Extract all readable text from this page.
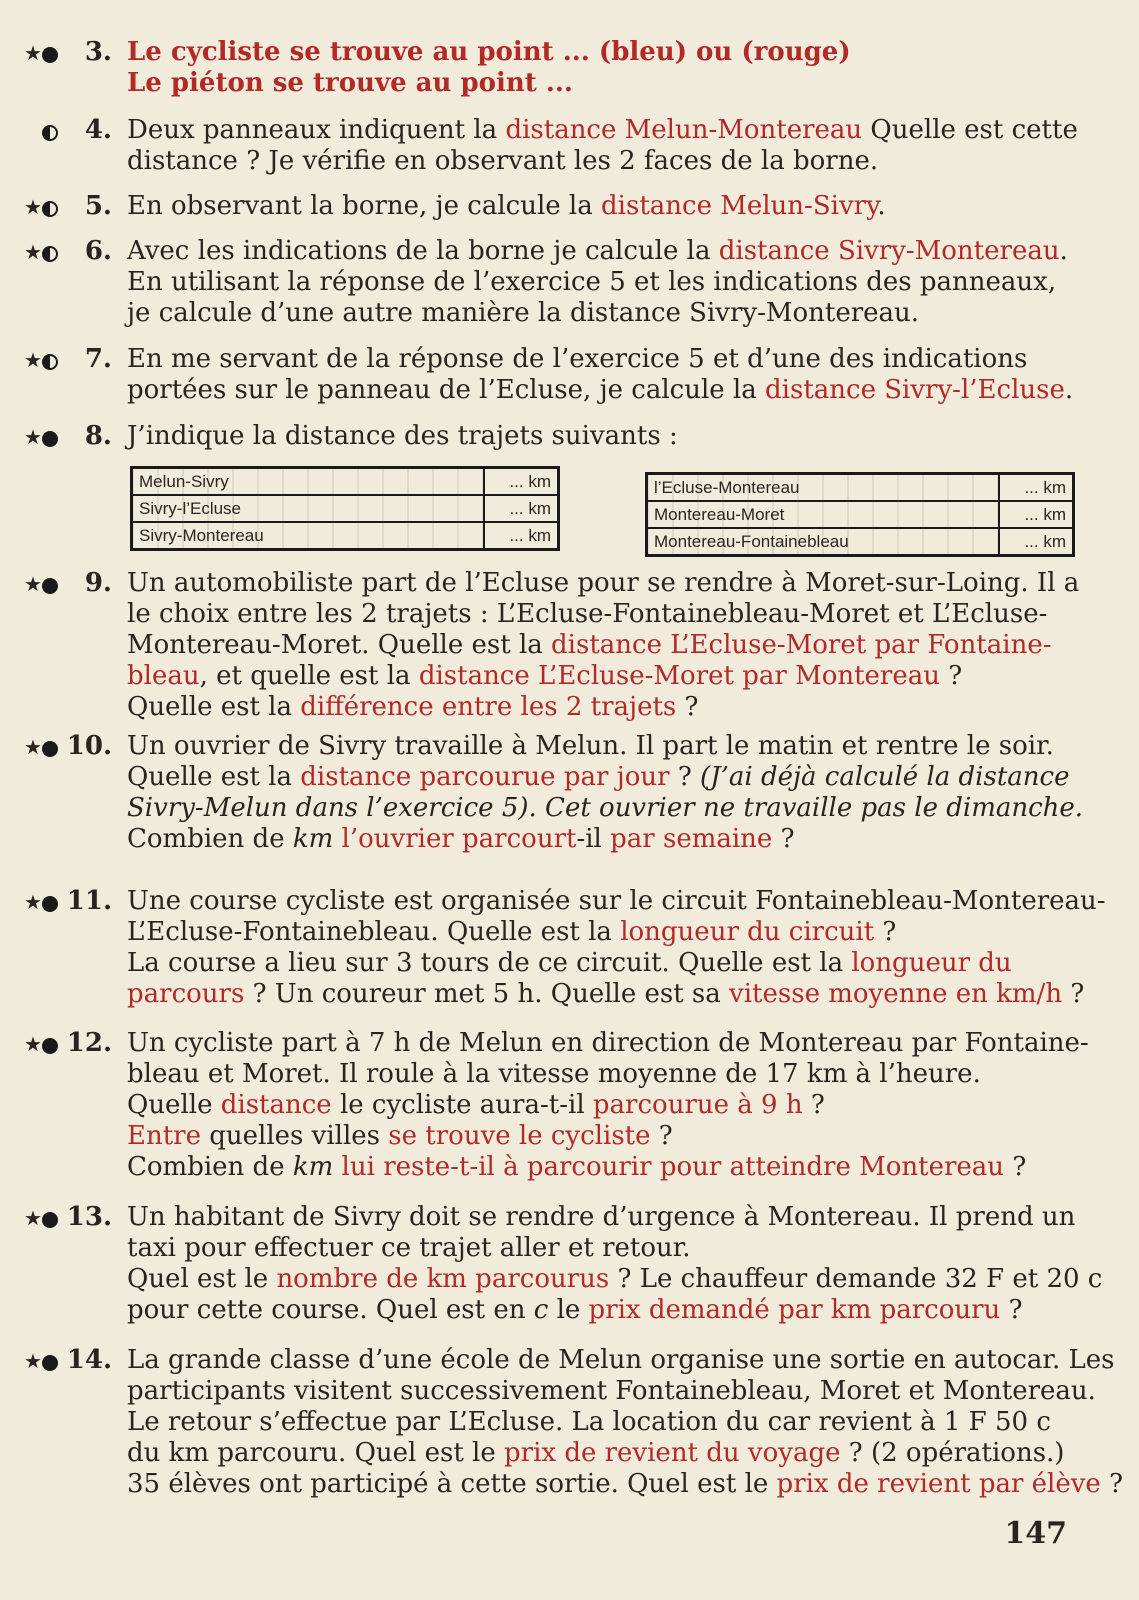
★	3. Le cycliste se trouve au point ... (bleu) ou (rouge)
Le piéton se trouve au point ...
4. Deux panneaux indiquent la distance Melun-Montereau Quelle est cette
distance ? Je vérifie en observant les 2 faces de la borne.
★	5. En observant la borne, je calcule la distance Melun-Sivry.
★	6. Avec les indications de la borne je calcule la distance Sivry-Montereau.
En utilisant la réponse de l’exercice 5 et les indications des panneaux,
je calcule d’une autre manière la distance Sivry-Montereau.
★	7. En me servant de la réponse de l’exercice 5 et d’une des indications
portées sur le panneau de l’Ecluse, je calcule la distance Sivry-l’Ecluse.
★	8. J’indique la distance des trajets suivants :
Melun-Sivry	... km
Sivry-l’Ecluse	... km
Sivry-Montereau	... km
l’Ecluse-Montereau	... km
Montereau-Moret	... km
Montereau-Fontainebleau	... km
★	9. Un automobiliste part de l’Ecluse pour se rendre à Moret-sur-Loing. Il a
le choix entre les 2 trajets : L’Ecluse-Fontainebleau-Moret et L’Ecluse-
Montereau-Moret. Quelle est la distance L’Ecluse-Moret par Fontaine-
bleau, et quelle est la distance L’Ecluse-Moret par Montereau ?
Quelle est la différence entre les 2 trajets ?
★ 10. Un ouvrier de Sivry travaille à Melun. Il part le matin et rentre le soir.
Quelle est la distance parcourue par jour ? (J’ai déjà calculé la distance
Sivry-Melun dans l’exercice 5). Cet ouvrier ne travaille pas le dimanche.
Combien de km l’ouvrier parcourt-il par semaine ?
★ 11. Une course cycliste est organisée sur le circuit Fontainebleau-Montereau-
L’Ecluse-Fontainebleau. Quelle est la longueur du circuit ?
La course a lieu sur 3 tours de ce circuit. Quelle est la longueur du
parcours ? Un coureur met 5 h. Quelle est sa vitesse moyenne en km/h ?
★ 12. Un cycliste part à 7 h de Melun en direction de Montereau par Fontaine-
bleau et Moret. Il roule à la vitesse moyenne de 17 km à l’heure.
Quelle distance le cycliste aura-t-il parcourue à 9 h ?
Entre quelles villes se trouve le cycliste ?
Combien de km lui reste-t-il à parcourir pour atteindre Montereau ?
★ 13. Un habitant de Sivry doit se rendre d’urgence à Montereau. Il prend un
taxi pour effectuer ce trajet aller et retour.
Quel est le nombre de km parcourus ? Le chauffeur demande 32 F et 20 c
pour cette course. Quel est en c le prix demandé par km parcouru ?
★ 14. La grande classe d’une école de Melun organise une sortie en autocar. Les
participants visitent successivement Fontainebleau, Moret et Montereau.
Le retour s’effectue par L’Ecluse. La location du car revient à 1 F 50 c
du km parcouru. Quel est le prix de revient du voyage ? (2 opérations.)
35 élèves ont participé à cette sortie. Quel est le prix de revient par élève ?
147
